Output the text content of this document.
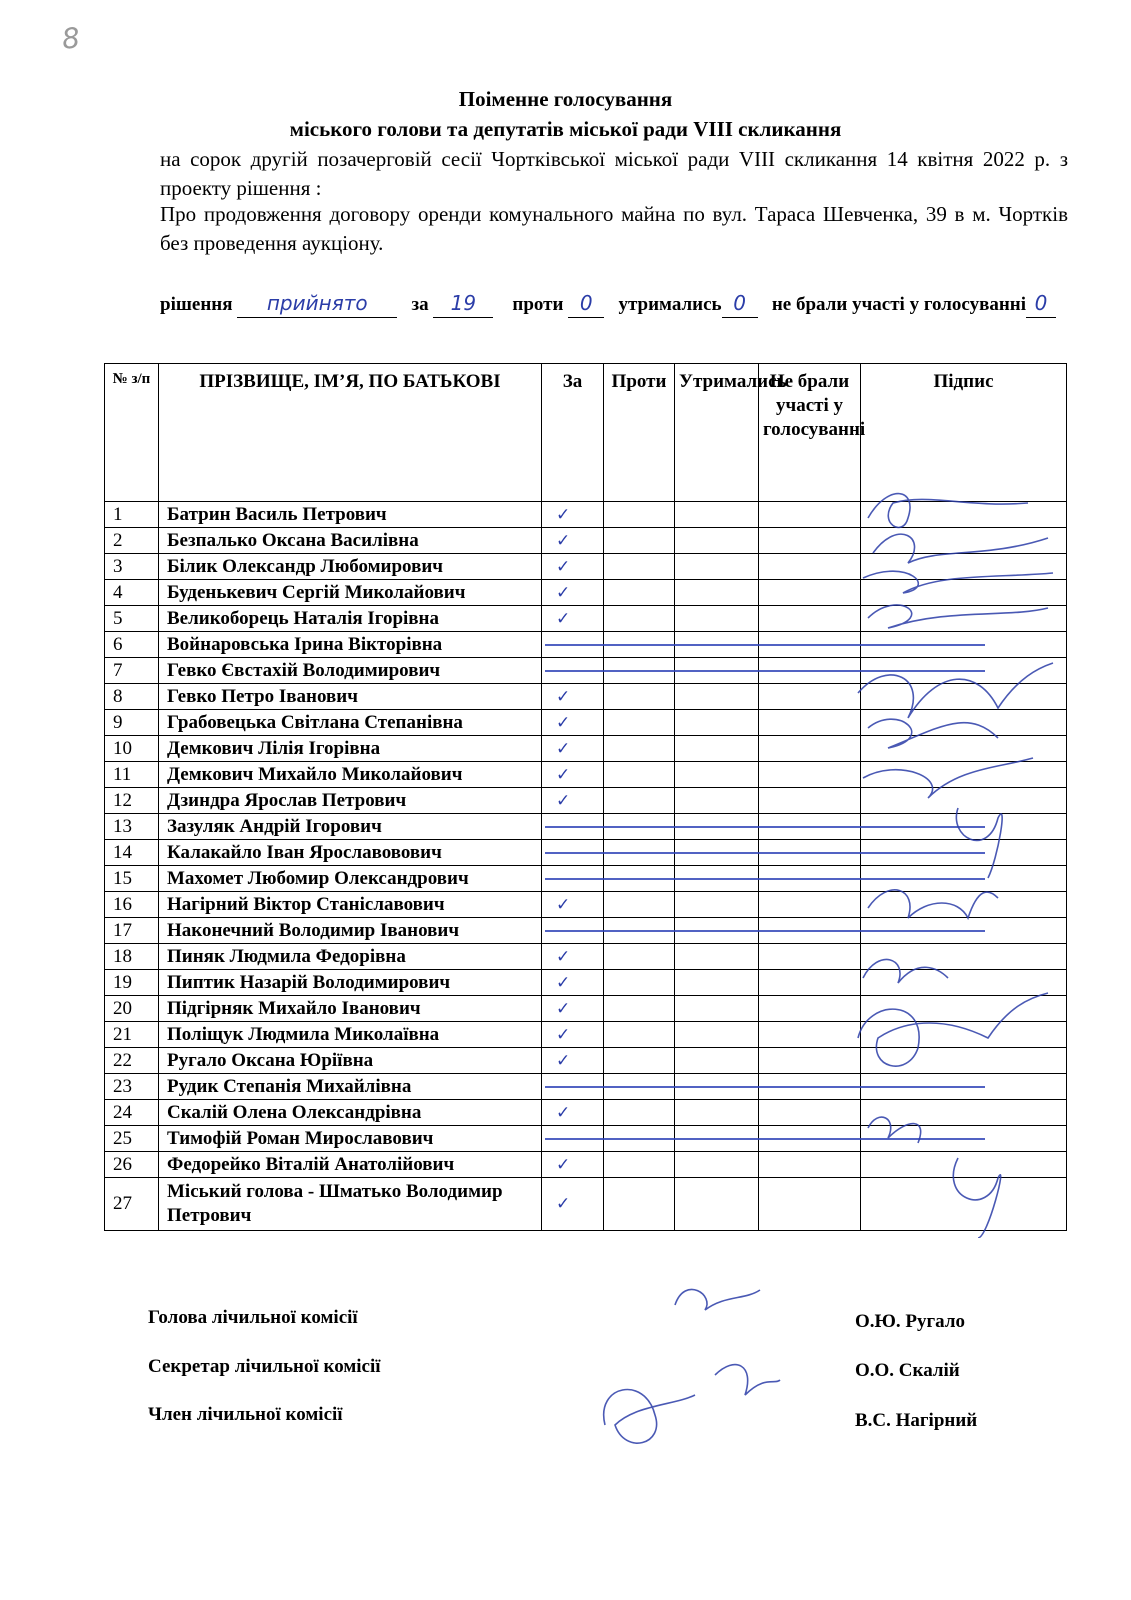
8
Поіменне голосування
міського голови та депутатів міської ради VIII скликання
на сорок другій позачерговій сесії Чортківської міської ради VIII скликання 14 квітня 2022 р. з проекту рішення :
Про продовження договору оренди комунального майна по вул. Тараса Шевченка, 39 в м. Чортків без проведення аукціону.
рішення прийнято за 19 проти 0 утримались 0 не брали участі у голосуванні 0
№ з/п	ПРІЗВИЩЕ, ІМ’Я, ПО БАТЬКОВІ	За	Проти	Утримались	Не брали участі у голосуванні	Підпис
1	Батрин Василь Петрович	✓				
2	Безпалько Оксана Василівна	✓				
3	Білик Олександр Любомирович	✓				
4	Буденькевич Сергій Миколайович	✓				
5	Великоборець Наталія Ігорівна	✓				
6	Войнаровська Ірина Вікторівна					
7	Гевко Євстахій Володимирович					
8	Гевко Петро Іванович	✓				
9	Грабовецька Світлана Степанівна	✓				
10	Демкович Лілія Ігорівна	✓				
11	Демкович Михайло Миколайович	✓				
12	Дзиндра Ярослав Петрович	✓				
13	Зазуляк Андрій Ігорович					
14	Калакайло Іван Ярославовович					
15	Махомет Любомир Олександрович					
16	Нагірний Віктор Станіславович	✓				
17	Наконечний Володимир Іванович					
18	Пиняк Людмила Федорівна	✓				
19	Пиптик Назарій Володимирович	✓				
20	Підгірняк Михайло Іванович	✓				
21	Поліщук Людмила Миколаївна	✓				
22	Ругало Оксана Юріївна	✓				
23	Рудик Степанія Михайлівна					
24	Скалій Олена Олександрівна	✓				
25	Тимофій Роман Мирославович					
26	Федорейко Віталій Анатолійович	✓				
27	Міський голова - Шматько Володимир Петрович	✓				
Голова лічильної комісії
Секретар лічильної комісії
Член лічильної комісії
О.Ю. Ругало
О.О. Скалій
В.С. Нагірний
